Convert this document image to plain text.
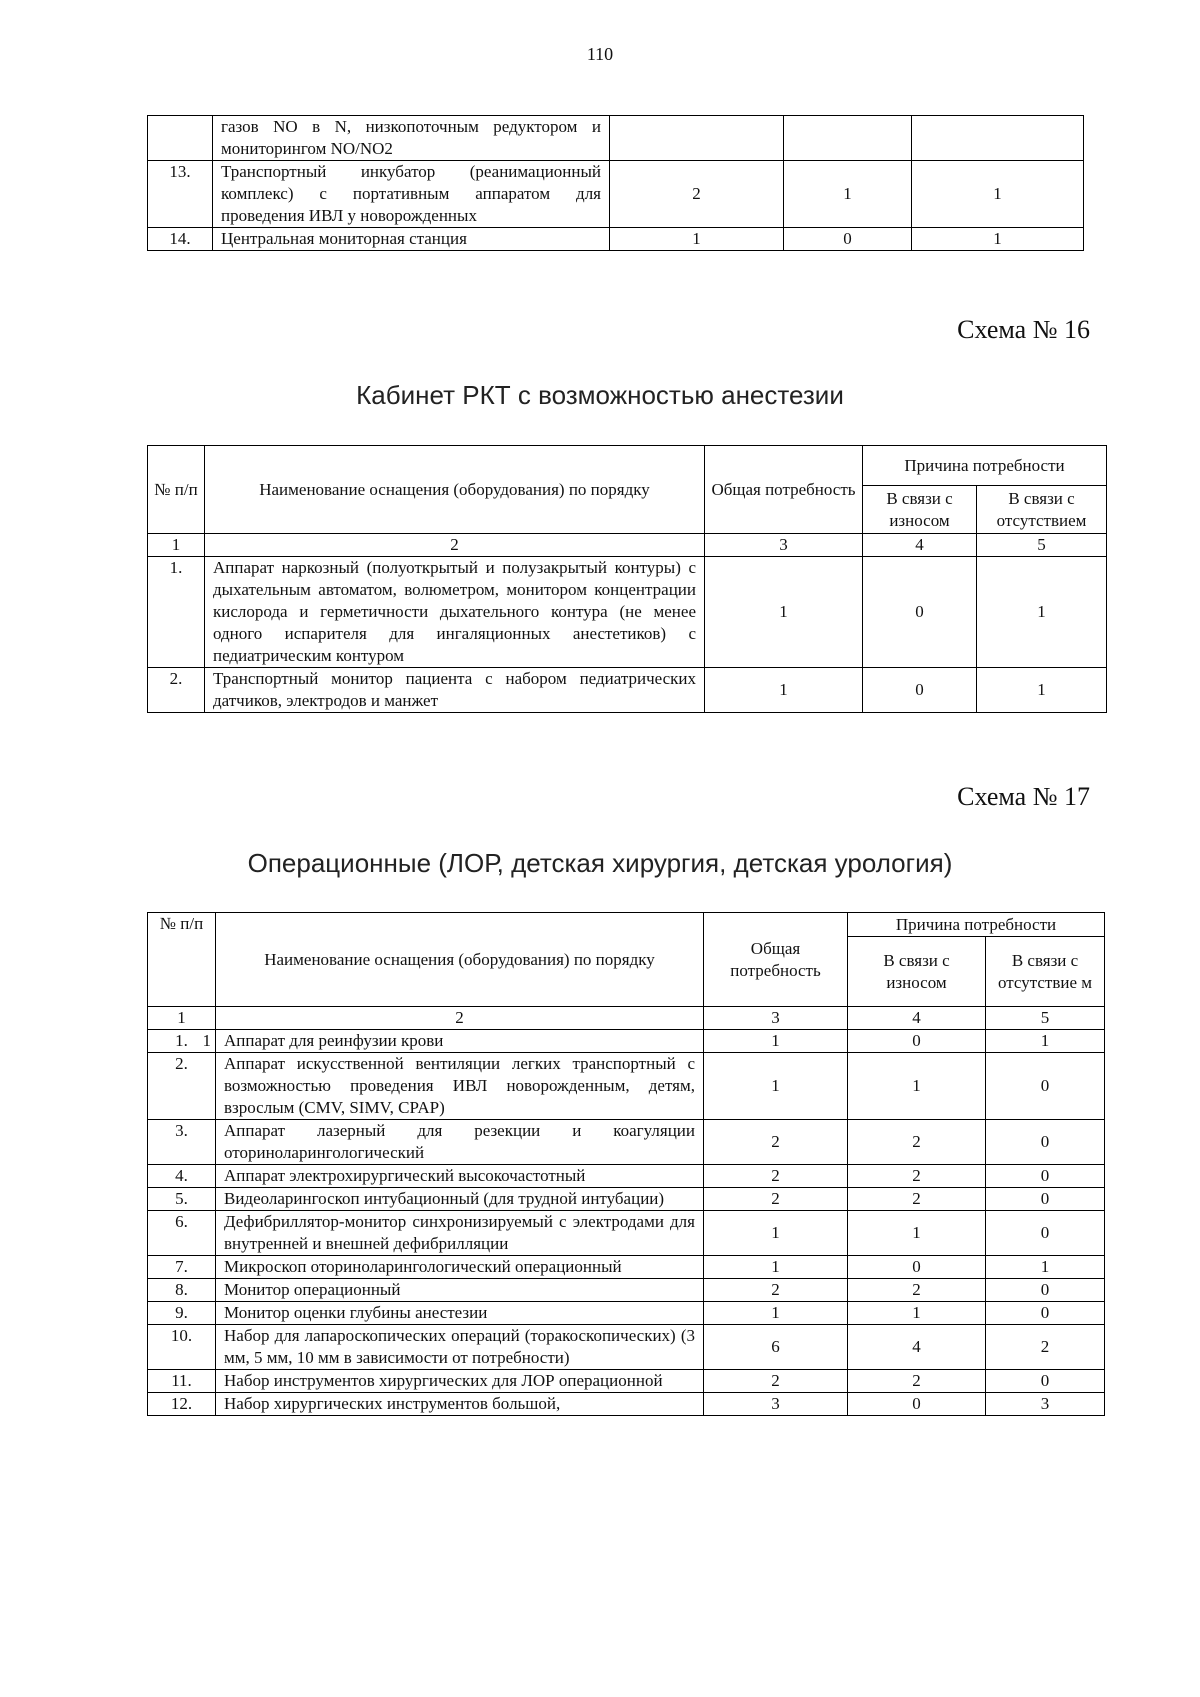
110
	газов NO в N, низкопоточным редуктором и мониторингом NO/NO2			
13.	Транспортный инкубатор (реанимационный комплекс) с портативным аппаратом для проведения ИВЛ у новорожденных	2	1	1
14.	Центральная мониторная станция	1	0	1
Схема № 16
Кабинет РКТ с возможностью анестезии
№ п/п	Наименование оснащения (оборудования) по порядку	Общая потребность	Причина потребности	
			В связи с износом	В связи с отсутствием
1	2	3	4	5
1.	Аппарат наркозный (полуоткрытый и полузакрытый контуры) с дыхательным автоматом, волюметром, монитором концентрации кислорода и герметичности дыхательного контура (не менее одного испарителя для ингаляционных анестетиков) с педиатрическим контуром	1	0	1
2.	Транспортный монитор пациента с набором педиатрических датчиков, электродов и манжет	1	0	1
Схема № 17
Операционные (ЛОР, детская хирургия, детская урология)
№ п/п	Наименование оснащения (оборудования) по порядку	Общая потребность	Причина потребности	
			В связи с износом	В связи с отсутствие м
1	2	3	4	5
1. 1	Аппарат для реинфузии крови	1	0	1
2.	Аппарат искусственной вентиляции легких транспортный с возможностью проведения ИВЛ новорожденным, детям, взрослым (CMV, SIMV, CPAP)	1	1	0
3.	Аппарат лазерный для резекции и коагуляции оториноларингологический	2	2	0
4.	Аппарат электрохирургический высокочастотный	2	2	0
5.	Видеоларингоскоп интубационный (для трудной интубации)	2	2	0
6.	Дефибриллятор-монитор синхронизируемый с электродами для внутренней и внешней дефибрилляции	1	1	0
7.	Микроскоп оториноларингологический операционный	1	0	1
8.	Монитор операционный	2	2	0
9.	Монитор оценки глубины анестезии	1	1	0
10.	Набор для лапароскопических операций (торакоскопических) (3 мм, 5 мм, 10 мм в зависимости от потребности)	6	4	2
11.	Набор инструментов хирургических для ЛОР операционной	2	2	0
12.	Набор хирургических инструментов большой,	3	0	3
